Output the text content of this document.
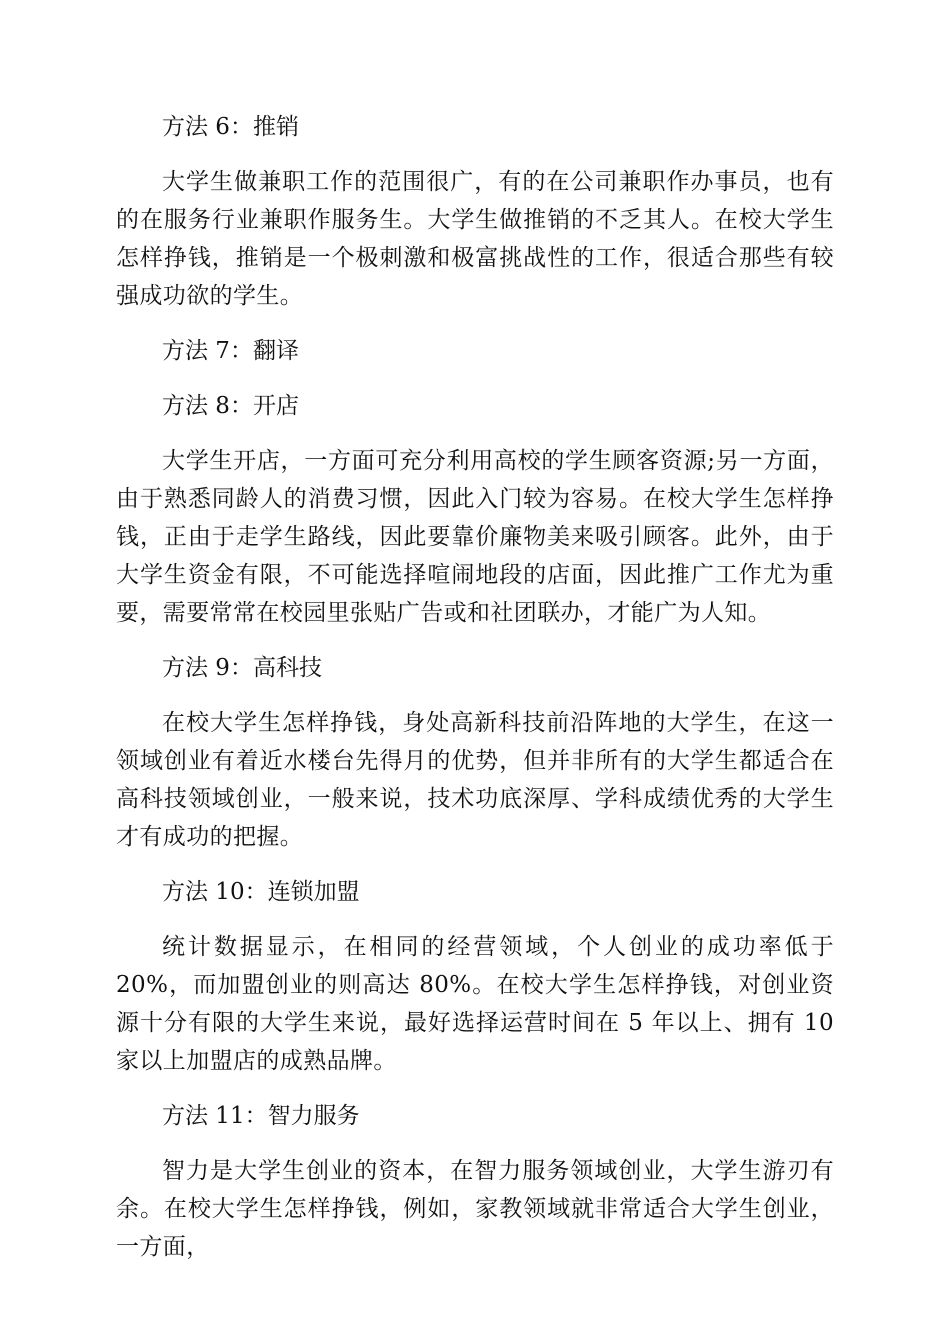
方法 6：推销

大学生做兼职工作的范围很广，有的在公司兼职作办事员，也有的在服务行业兼职作服务生。大学生做推销的不乏其人。在校大学生怎样挣钱，推销是一个极刺激和极富挑战性的工作，很适合那些有较强成功欲的学生。

方法 7：翻译

方法 8：开店

大学生开店，一方面可充分利用高校的学生顾客资源;另一方面，由于熟悉同龄人的消费习惯，因此入门较为容易。在校大学生怎样挣钱，正由于走学生路线，因此要靠价廉物美来吸引顾客。此外，由于大学生资金有限，不可能选择喧闹地段的店面，因此推广工作尤为重要，需要常常在校园里张贴广告或和社团联办，才能广为人知。

方法 9：高科技

在校大学生怎样挣钱，身处高新科技前沿阵地的大学生，在这一领域创业有着近水楼台先得月的优势，但并非所有的大学生都适合在高科技领域创业，一般来说，技术功底深厚、学科成绩优秀的大学生才有成功的把握。

方法 10：连锁加盟

统计数据显示，在相同的经营领域，个人创业的成功率低于 20%，而加盟创业的则高达 80%。在校大学生怎样挣钱，对创业资源十分有限的大学生来说，最好选择运营时间在 5 年以上、拥有 10 家以上加盟店的成熟品牌。

方法 11：智力服务

智力是大学生创业的资本，在智力服务领域创业，大学生游刃有余。在校大学生怎样挣钱，例如，家教领域就非常适合大学生创业，一方面，
